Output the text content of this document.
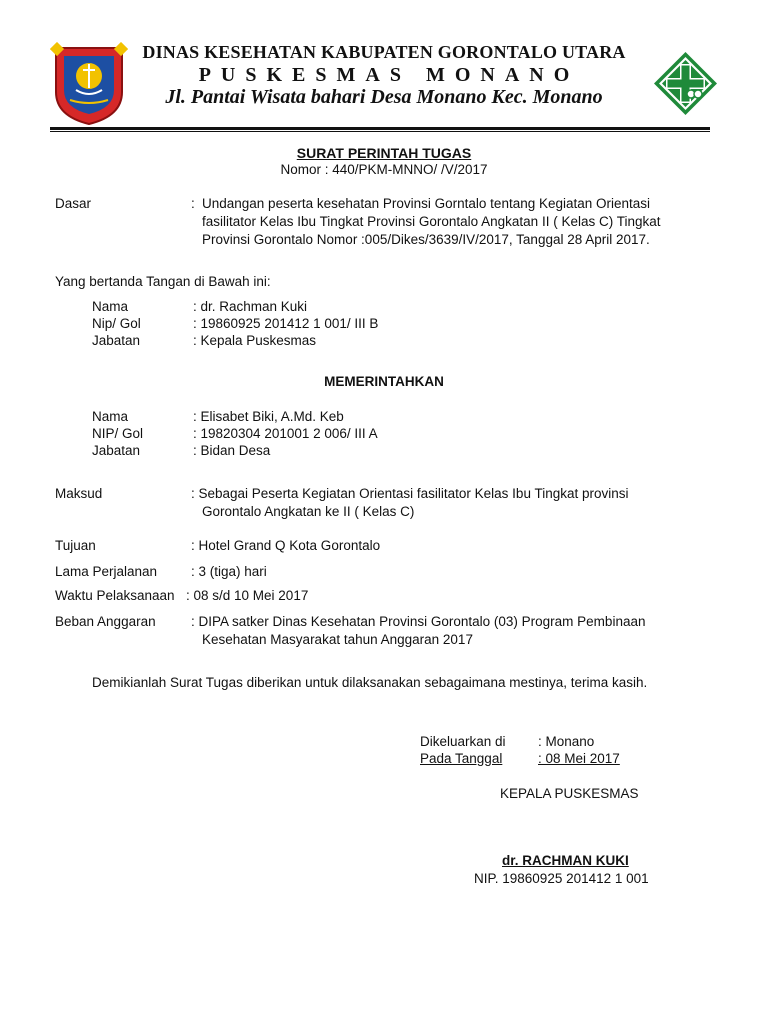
DINAS KESEHATAN KABUPATEN GORONTALO UTARA
PUSKESMAS MONANO
Jl. Pantai Wisata bahari Desa Monano Kec. Monano
SURAT PERINTAH TUGAS
Nomor : 440/PKM-MNNO/ /V/2017
Dasar	: Undangan peserta kesehatan Provinsi Gorntalo tentang Kegiatan Orientasi
fasilitator Kelas Ibu Tingkat Provinsi Gorontalo Angkatan II ( Kelas C) Tingkat
Provinsi Gorontalo Nomor :005/Dikes/3639/IV/2017, Tanggal 28 April 2017.
Yang bertanda Tangan di Bawah ini:
Nama	: dr. Rachman Kuki
Nip/ Gol	: 19860925 201412 1 001/ III B
Jabatan	: Kepala Puskesmas
MEMERINTAHKAN
Nama	: Elisabet Biki, A.Md. Keb
NIP/ Gol	: 19820304 201001 2 006/ III A
Jabatan	: Bidan Desa
Maksud	: Sebagai Peserta Kegiatan Orientasi fasilitator Kelas Ibu Tingkat provinsi
Gorontalo Angkatan ke II ( Kelas C)
Tujuan	: Hotel Grand Q Kota Gorontalo
Lama Perjalanan	: 3 (tiga) hari
Waktu Pelaksanaan : 08 s/d 10 Mei 2017
Beban Anggaran	: DIPA satker Dinas Kesehatan Provinsi Gorontalo (03) Program Pembinaan
Kesehatan Masyarakat tahun Anggaran 2017
Demikianlah Surat Tugas diberikan untuk dilaksanakan sebagaimana mestinya, terima kasih.
Dikeluarkan di : Monano
Pada Tanggal	: 08 Mei 2017
KEPALA PUSKESMAS
dr. RACHMAN KUKI
NIP. 19860925 201412 1 001
